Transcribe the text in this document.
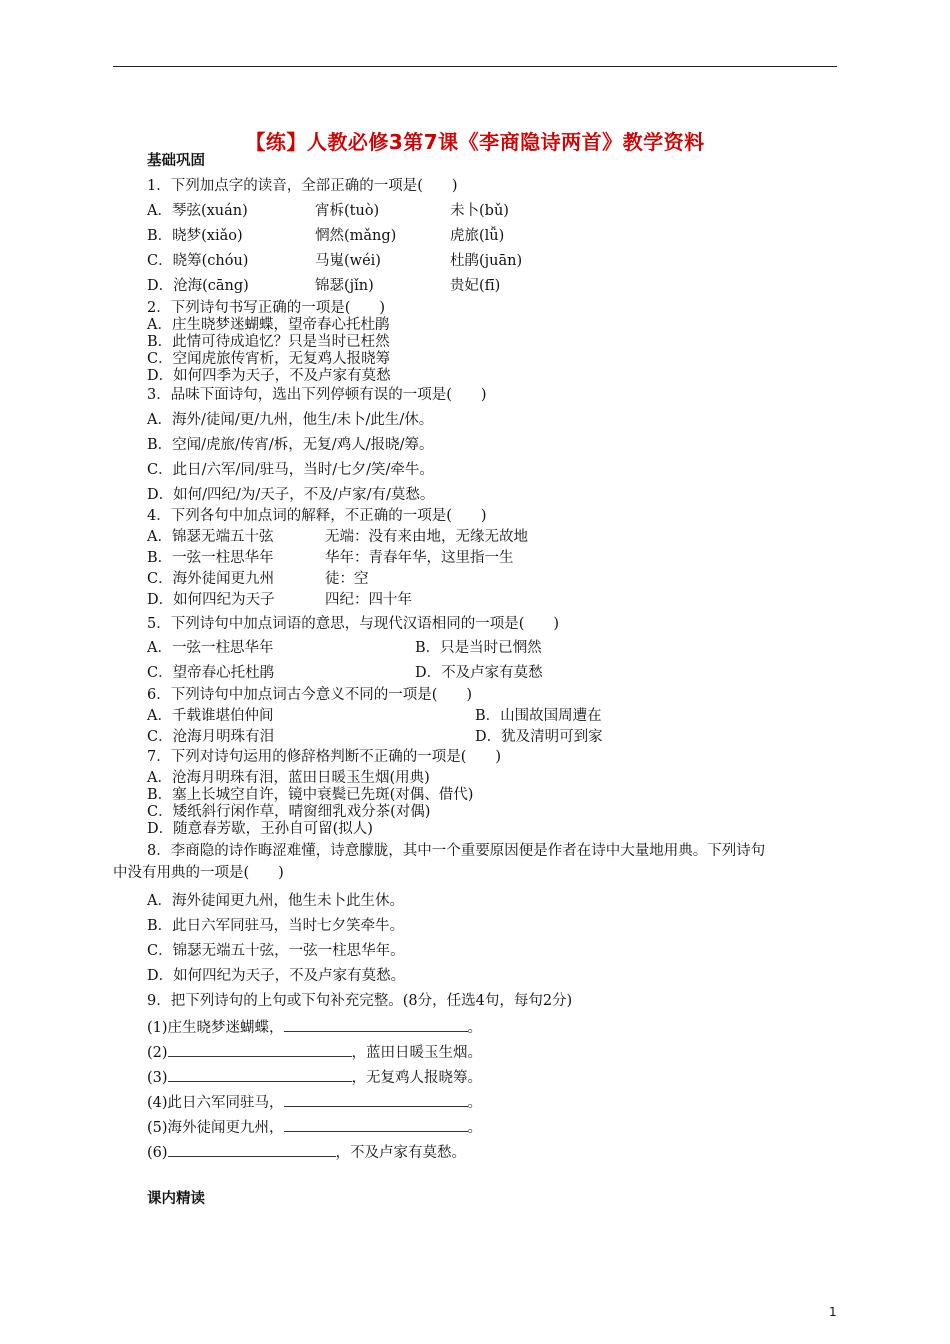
【练】人教必修3第7课《李商隐诗两首》教学资料
基础巩固
1．下列加点字的读音，全部正确的一项是(　　)
A．琴弦(xuán)	宵柝(tuò)	未卜(bǔ)
B．晓梦(xiǎo)	惘然(mǎng)	虎旅(lǚ)
C．晓筹(chóu)	马嵬(wéi)	杜鹃(juān)
D．沧海(cāng)	锦瑟(jǐn)	贵妃(fī)
2．下列诗句书写正确的一项是(　　)
A．庄生晓梦迷蝴蝶，望帝春心托杜鹃
B．此情可待成追忆？只是当时已枉然
C．空闻虎旅传宵析，无复鸡人报晓筹
D．如何四季为天子，不及卢家有莫愁
3．品味下面诗句，选出下列停顿有误的一项是(　　)
A．海外/徒闻/更/九州，他生/未卜/此生/休。
B．空闻/虎旅/传宵/柝，无复/鸡人/报晓/筹。
C．此日/六军/同/驻马，当时/七夕/笑/牵牛。
D．如何/四纪/为/天子，不及/卢家/有/莫愁。
4．下列各句中加点词的解释，不正确的一项是(　　)
A．锦瑟无端五十弦	无端：没有来由地，无缘无故地
B．一弦一柱思华年	华年：青春年华，这里指一生
C．海外徒闻更九州	徒：空
D．如何四纪为天子	四纪：四十年
5．下列诗句中加点词语的意思，与现代汉语相同的一项是(　　)
A．一弦一柱思华年	B．只是当时已惘然
C．望帝春心托杜鹃	D．不及卢家有莫愁
6．下列诗句中加点词古今意义不同的一项是(　　)
A．千载谁堪伯仲间	B．山围故国周遭在
C．沧海月明珠有泪	D．犹及清明可到家
7．下列对诗句运用的修辞格判断不正确的一项是(　　)
A．沧海月明珠有泪，蓝田日暖玉生烟(用典)
B．塞上长城空自许，镜中衰鬓已先斑(对偶、借代)
C．矮纸斜行闲作草，晴窗细乳戏分茶(对偶)
D．随意春芳歇，王孙自可留(拟人)
8．李商隐的诗作晦涩难懂，诗意朦胧，其中一个重要原因便是作者在诗中大量地用典。下列诗句
中没有用典的一项是(　　)
A．海外徒闻更九州，他生未卜此生休。
B．此日六军同驻马，当时七夕笑牵牛。
C．锦瑟无端五十弦，一弦一柱思华年。
D．如何四纪为天子，不及卢家有莫愁。
9．把下列诗句的上句或下句补充完整。(8分，任选4句，每句2分)
(1)庄生晓梦迷蝴蝶，	。
(2)	，蓝田日暖玉生烟。
(3)	，无复鸡人报晓筹。
(4)此日六军同驻马，	。
(5)海外徒闻更九州，	。
(6)	，不及卢家有莫愁。
课内精读
1
